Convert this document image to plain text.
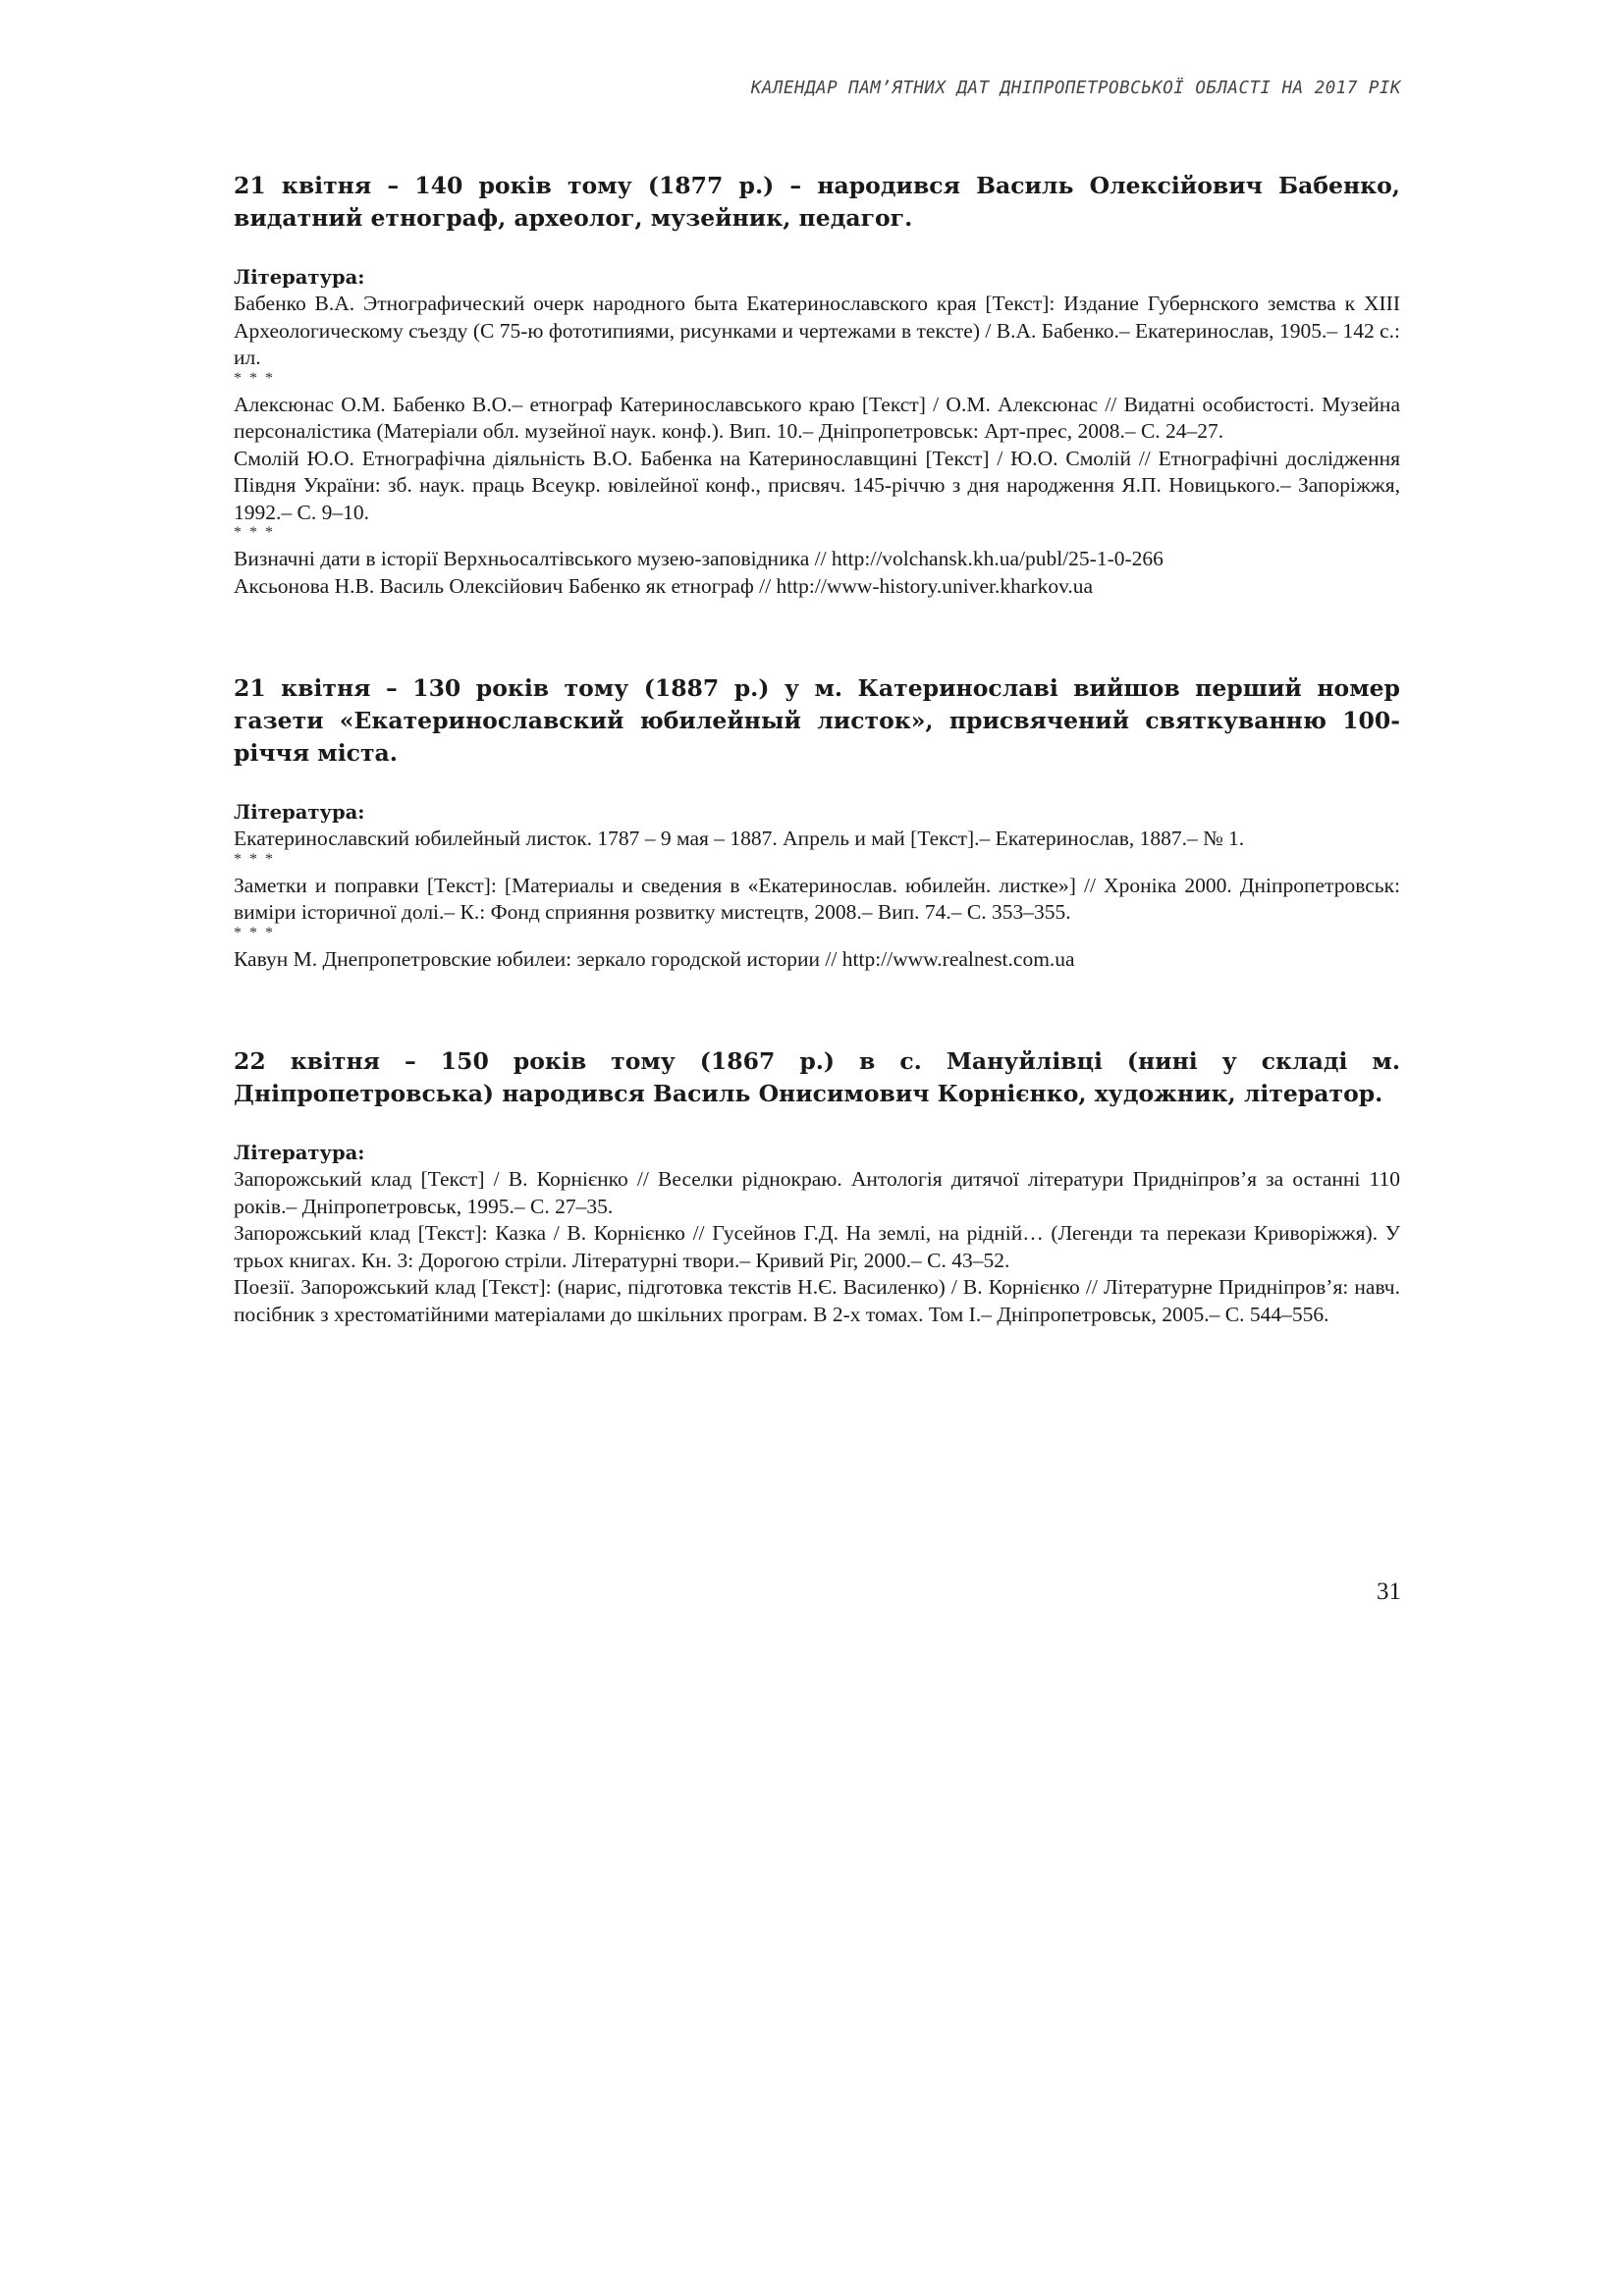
КАЛЕНДАР ПАМ’ЯТНИХ ДАТ ДНІПРОПЕТРОВСЬКОЇ ОБЛАСТІ НА 2017 РІК
21 квітня – 140 років тому (1877 р.) – народився Василь Олексійович Бабенко, видатний етнограф, археолог, музейник, педагог.
Література:

Бабенко В.А. Этнографический очерк народного быта Екатеринославского края [Текст]: Издание Губернского земства к XIII Археологическому съезду (С 75-ю фототипиями, рисунками и чертежами в тексте) / В.А. Бабенко.– Екатеринослав, 1905.– 142 с.: ил.

* * *

Алексюнас О.М. Бабенко В.О.– етнограф Катеринославського краю [Текст] / О.М. Алексюнас // Видатні особистості. Музейна персоналістика (Матеріали обл. музейної наук. конф.). Вип. 10.– Дніпропетровськ: Арт-прес, 2008.– С. 24–27.

Смолій Ю.О. Етнографічна діяльність В.О. Бабенка на Катеринославщині [Текст] / Ю.О. Смолій // Етнографічні дослідження Півдня України: зб. наук. праць Всеукр. ювілейної конф., присвяч. 145-річчю з дня народження Я.П. Новицького.– Запоріжжя, 1992.– С. 9–10.

* * *

Визначні дати в історії Верхньосалтівського музею-заповідника // http://volchansk.kh.ua/publ/25-1-0-266

Аксьонова Н.В. Василь Олексійович Бабенко як етнограф // http://www-history.univer.kharkov.ua

21 квітня – 130 років тому (1887 р.) у м. Катеринославі вийшов перший номер газети «Екатеринославский юбилейный листок», присвячений святкуванню 100-річчя міста.
Література:

Екатеринославский юбилейный листок. 1787 – 9 мая – 1887. Апрель и май [Текст].– Екатеринослав, 1887.– № 1.

* * *

Заметки и поправки [Текст]: [Материалы и сведения в «Екатеринослав. юбилейн. листке»] // Хроніка 2000. Дніпропетровськ: виміри історичної долі.– К.: Фонд сприяння розвитку мистецтв, 2008.– Вип. 74.– С. 353–355.

* * *

Кавун М. Днепропетровские юбилеи: зеркало городской истории // http://www.realnest.com.ua

22 квітня – 150 років тому (1867 р.) в с. Мануйлівці (нині у складі м. Дніпропетровська) народився Василь Онисимович Корнієнко, художник, літератор.
Література:

Запорожський клад [Текст] / В. Корнієнко // Веселки ріднокраю. Антологія дитячої літератури Придніпров’я за останні 110 років.– Дніпропетровськ, 1995.– С. 27–35.

Запорожський клад [Текст]: Казка / В. Корнієнко // Гусейнов Г.Д. На землі, на рідній… (Легенди та перекази Криворіжжя). У трьох книгах. Кн. 3: Дорогою стріли. Літературні твори.– Кривий Ріг, 2000.– С. 43–52.

Поезії. Запорожський клад [Текст]: (нарис, підготовка текстів Н.Є. Василенко) / В. Корнієнко // Літературне Придніпров’я: навч. посібник з хрестоматійними матеріалами до шкільних програм. В 2-х томах. Том I.– Дніпропетровськ, 2005.– С. 544–556.

31
